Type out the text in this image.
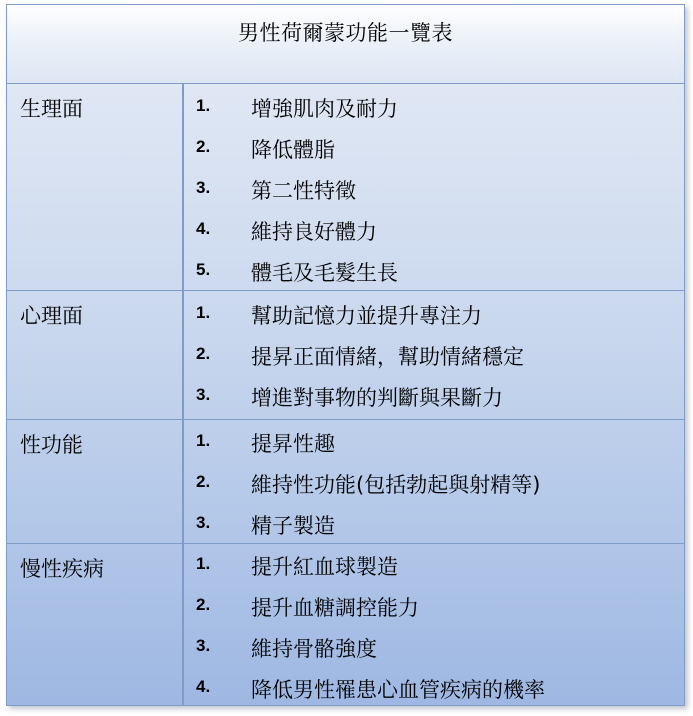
男性荷爾蒙功能一覽表
生理面	1. 增強肌肉及耐力
2. 降低體脂
3. 第二性特徵
4. 維持良好體力
5. 體毛及毛髮生長
心理面	1. 幫助記憶力並提升專注力
2. 提昇正面情緒，幫助情緒穩定
3. 增進對事物的判斷與果斷力
性功能	1. 提昇性趣
2. 維持性功能(包括勃起與射精等)
3. 精子製造
慢性疾病	1. 提升紅血球製造
2. 提升血糖調控能力
3. 維持骨骼強度
4. 降低男性罹患心血管疾病的機率
